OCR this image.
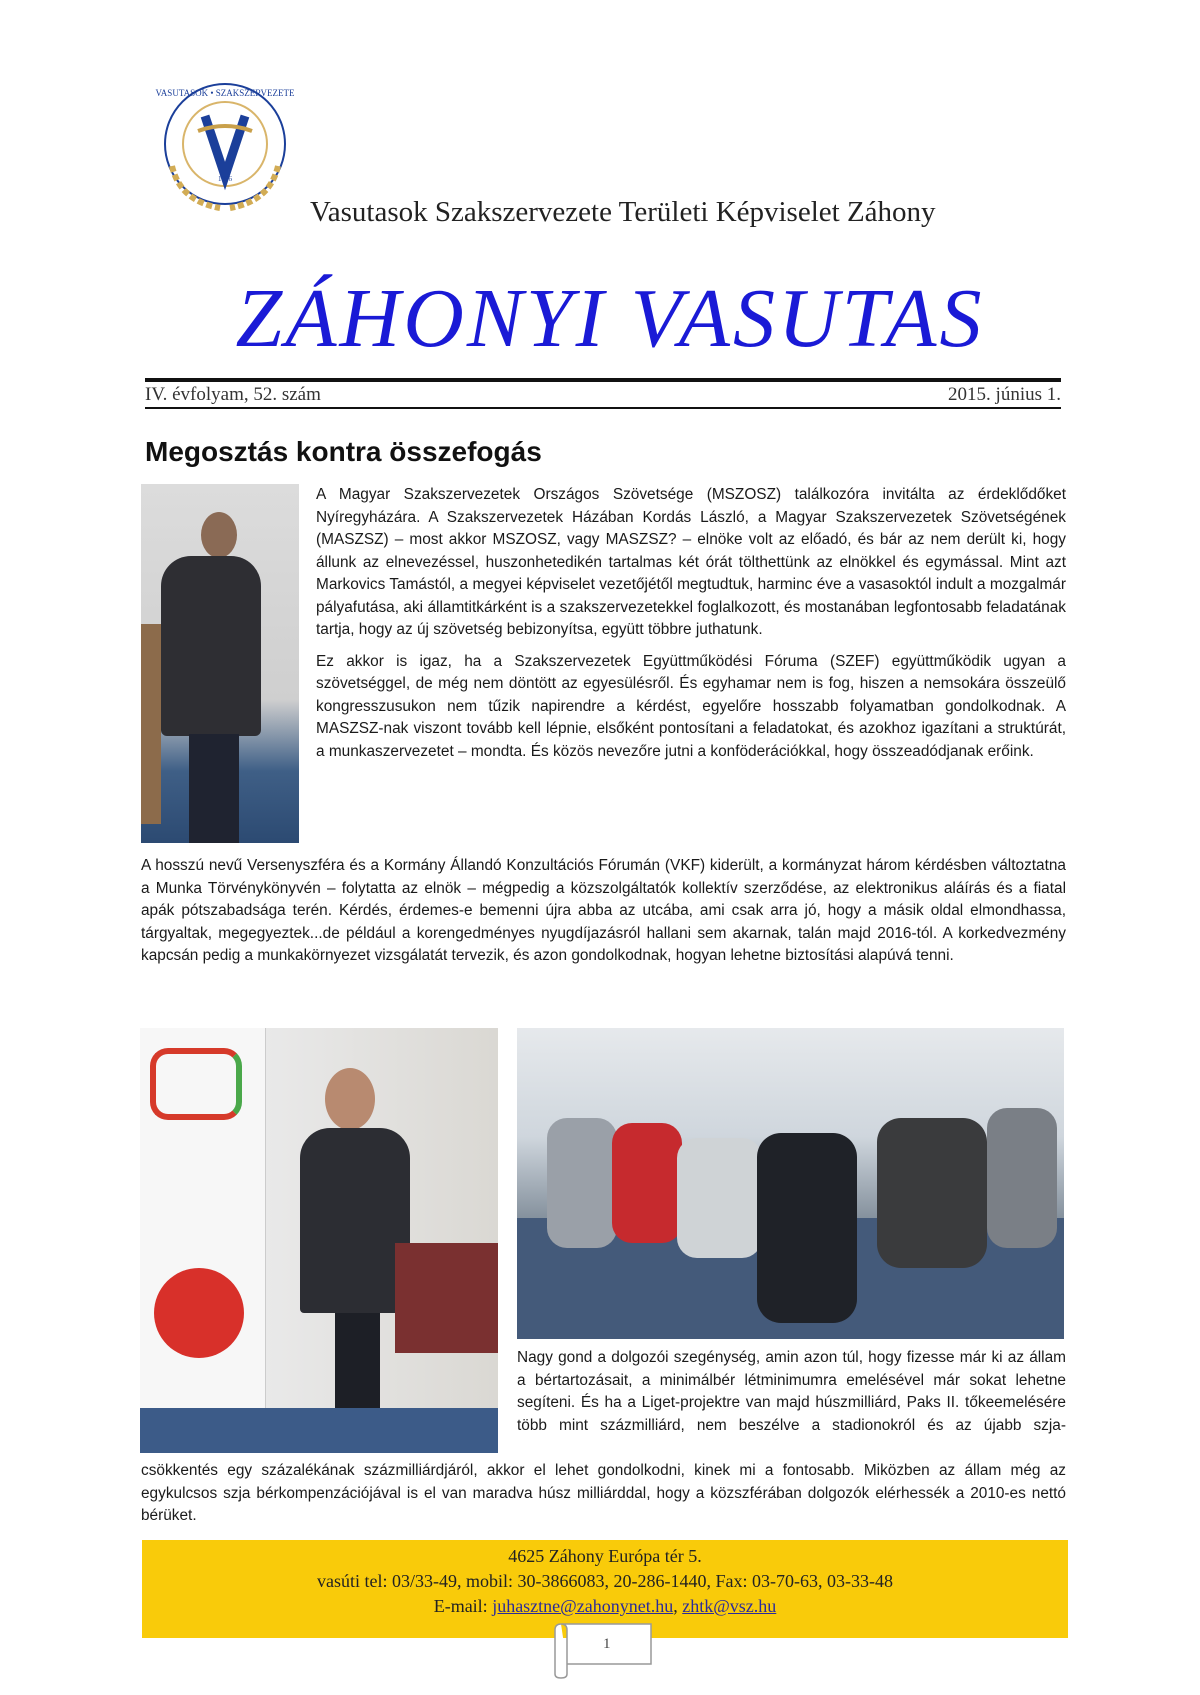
VASUTASOK • SZAKSZERVEZETE
1896
Vasutasok Szakszervezete Területi Képviselet Záhony
ZÁHONYI VASUTAS
IV. évfolyam, 52. szám	2015. június 1.
Megosztás kontra összefogás

A Magyar Szakszervezetek Országos Szövetsége (MSZOSZ) találkozóra invitálta az érdeklődőket Nyíregyházára. A Szakszervezetek Házában Kordás László, a Magyar Szakszervezetek Szövetségének (MASZSZ) – most akkor MSZOSZ, vagy MASZSZ? – elnöke volt az előadó, és bár az nem derült ki, hogy állunk az elnevezéssel, huszonhetedikén tartalmas két órát tölthettünk az elnökkel és egymással. Mint azt Markovics Tamástól, a megyei képviselet vezetőjétől megtudtuk, harminc éve a vasasoktól indult a mozgalmár pályafutása, aki államtitkárként is a szakszervezetekkel foglalkozott, és mostanában legfontosabb feladatának tartja, hogy az új szövetség bebizonyítsa, együtt többre juthatunk.

Ez akkor is igaz, ha a Szakszervezetek Együttműködési Fóruma (SZEF) együttműködik ugyan a szövetséggel, de még nem döntött az egyesülésről. És egyhamar nem is fog, hiszen a nemsokára összeülő kongresszusukon nem tűzik napirendre a kérdést, egyelőre hosszabb folyamatban gondolkodnak. A MASZSZ-nak viszont tovább kell lépnie, elsőként pontosítani a feladatokat, és azokhoz igazítani a struktúrát, a munkaszervezetet – mondta. És közös nevezőre jutni a konföderációkkal, hogy összeadódjanak erőink.

A hosszú nevű Versenyszféra és a Kormány Állandó Konzultációs Fórumán (VKF) kiderült, a kormányzat három kérdésben változtatna a Munka Törvénykönyvén – folytatta az elnök – mégpedig a közszolgáltatók kollektív szerződése, az elektronikus aláírás és a fiatal apák pótszabadsága terén. Kérdés, érdemes-e bemenni újra abba az utcába, ami csak arra jó, hogy a másik oldal elmondhassa, tárgyaltak, megegyeztek...de például a korengedményes nyugdíjazásról hallani sem akarnak, talán majd 2016-tól. A korkedvezmény kapcsán pedig a munkakörnyezet vizsgálatát tervezik, és azon gondolkodnak, hogyan lehetne biztosítási alapúvá tenni.
Nagy gond a dolgozói szegénység, amin azon túl, hogy fizesse már ki az állam a bértartozásait, a minimálbér létminimumra emelésével már sokat lehetne segíteni. És ha a Liget-projektre van majd húszmilliárd, Paks II. tőkeemelésére több mint százmilliárd, nem beszélve a stadionokról és az újabb szja-
csökkentés egy százalékának százmilliárdjáról, akkor el lehet gondolkodni, kinek mi a fontosabb. Miközben az állam még az egykulcsos szja bérkompenzációjával is el van maradva húsz milliárddal, hogy a közszférában dolgozók elérhessék a 2010-es nettó bérüket.
4625 Záhony Európa tér 5.
vasúti tel: 03/33-49, mobil: 30-3866083, 20-286-1440, Fax: 03-70-63, 03-33-48
E-mail: juhasztne@zahonynet.hu, zhtk@vsz.hu
1
